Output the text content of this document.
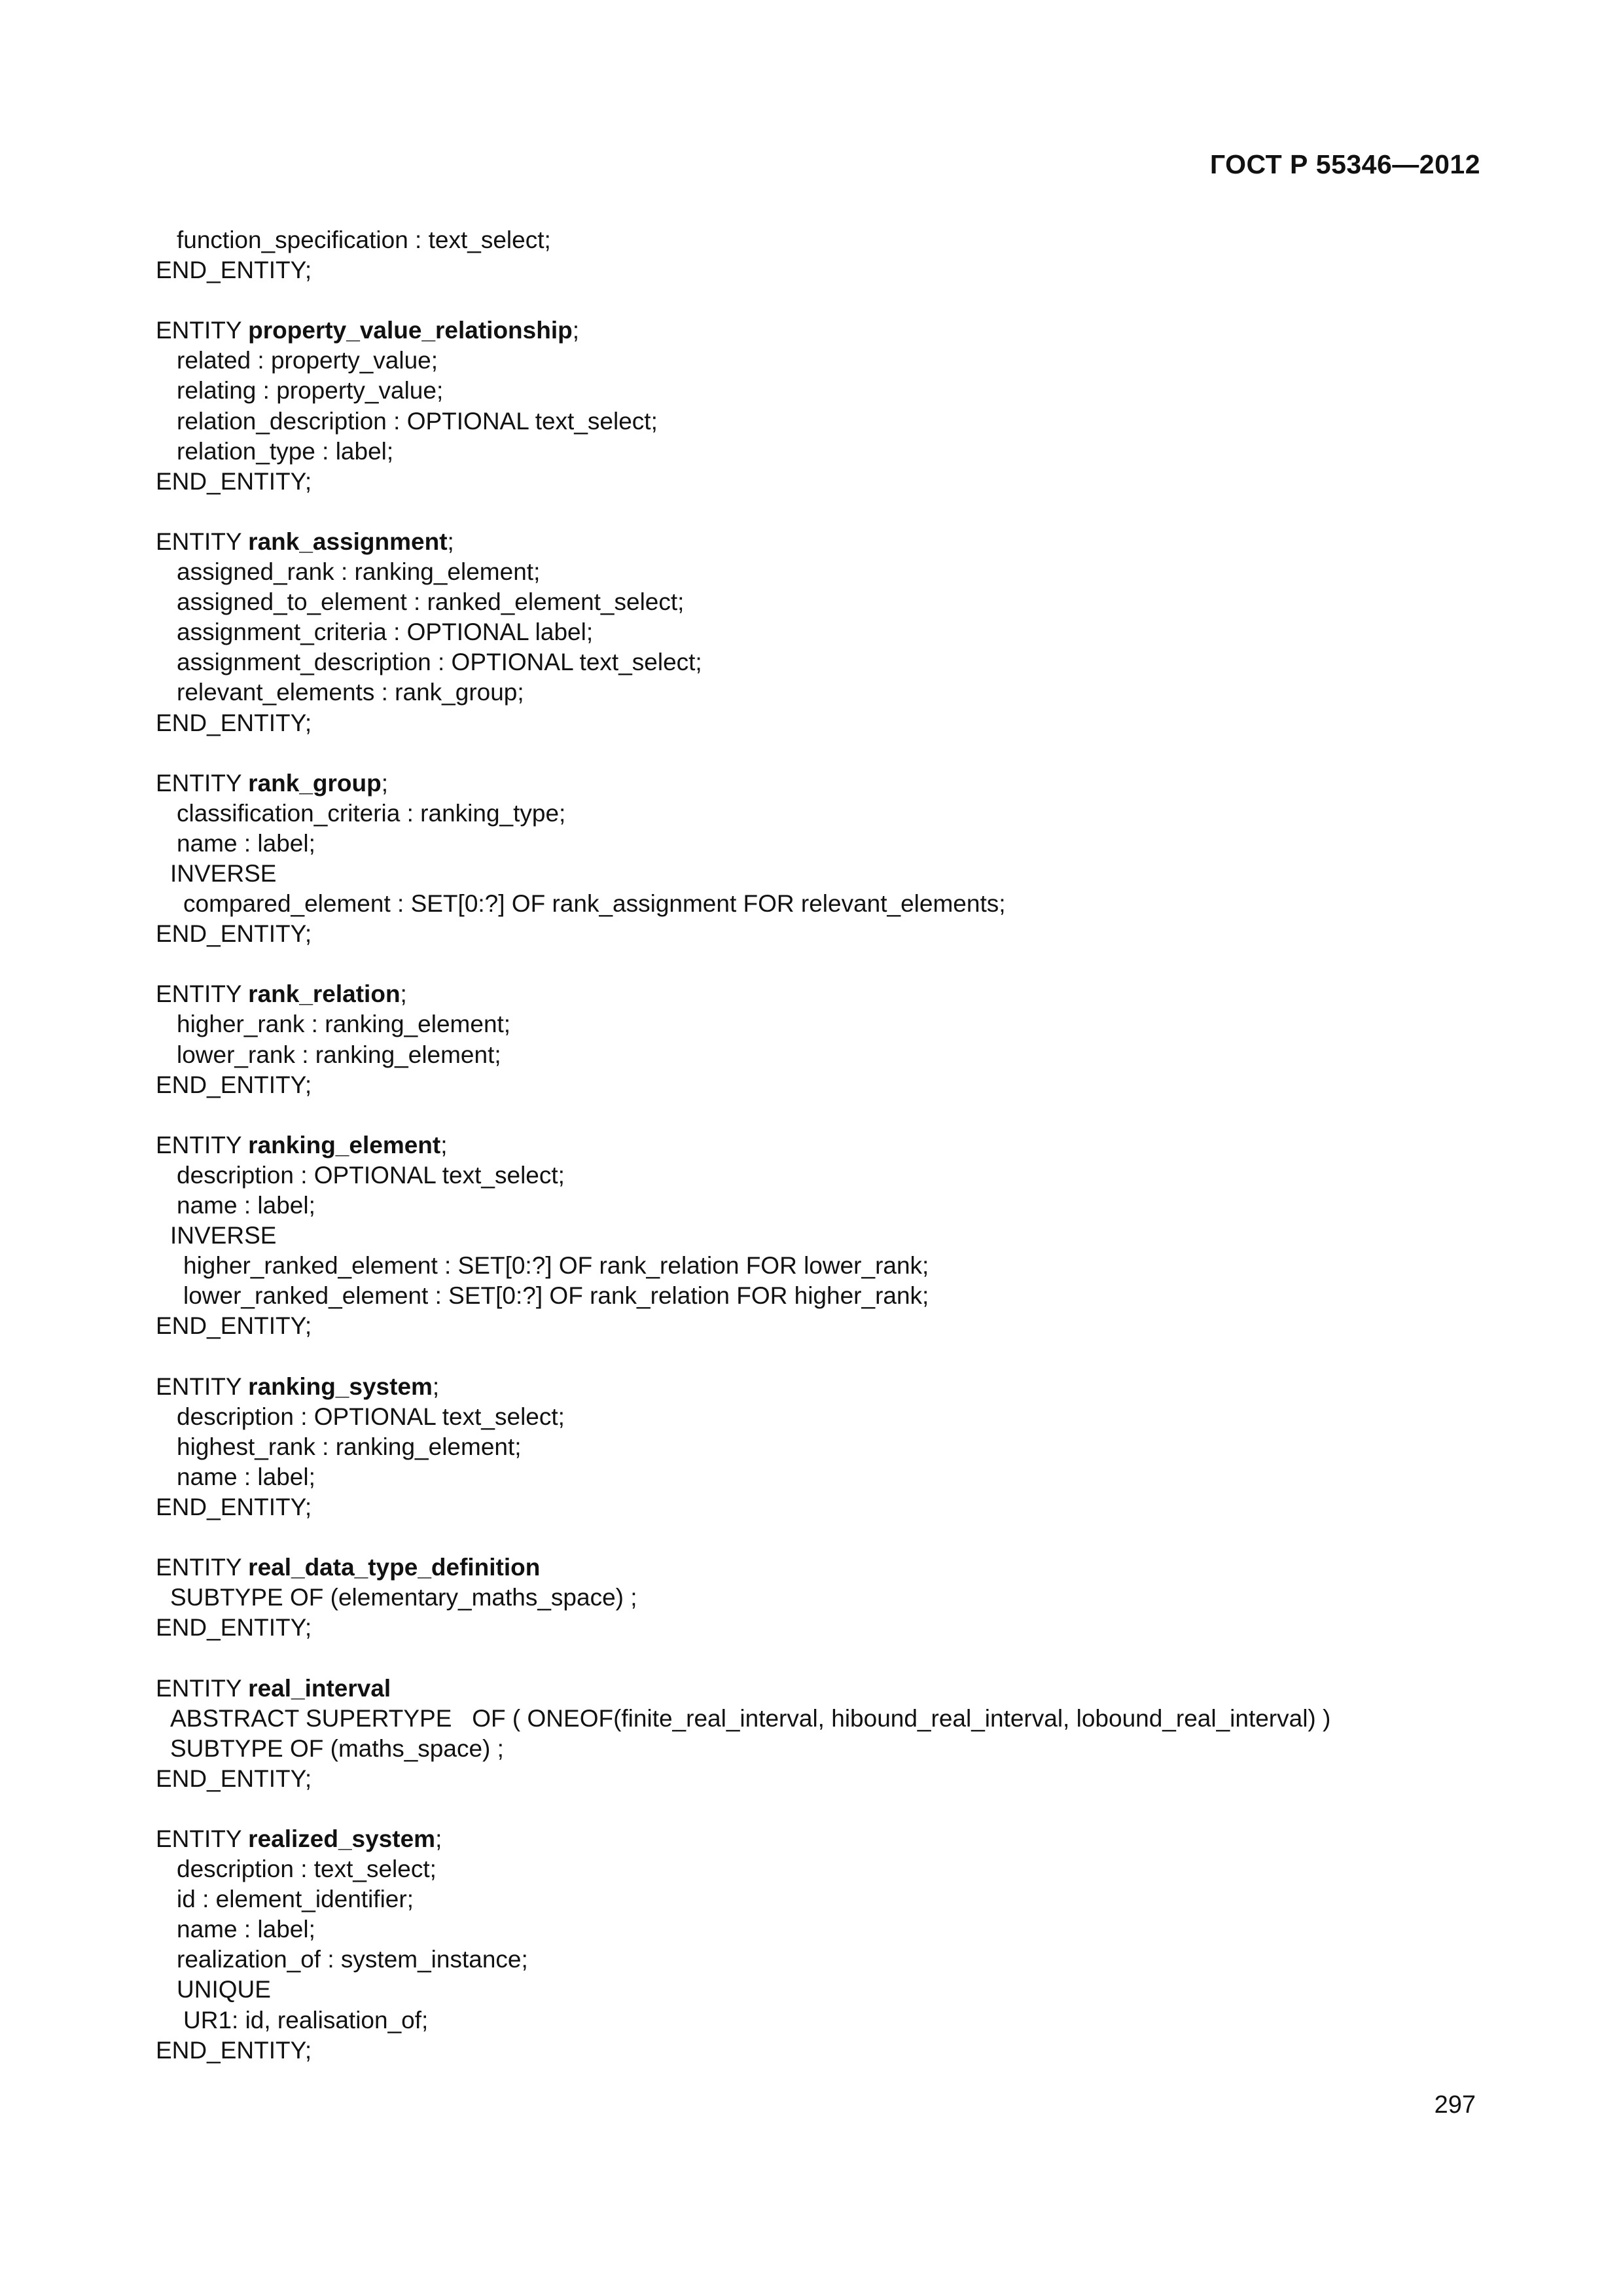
ГОСТ Р 55346—2012
function_specification : text_select;
END_ENTITY;
ENTITY property_value_relationship;
related : property_value;
relating : property_value;
relation_description : OPTIONAL text_select;
relation_type : label;
END_ENTITY;
ENTITY rank_assignment;
assigned_rank : ranking_element;
assigned_to_element : ranked_element_select;
assignment_criteria : OPTIONAL label;
assignment_description : OPTIONAL text_select;
relevant_elements : rank_group;
END_ENTITY;
ENTITY rank_group;
classification_criteria : ranking_type;
name : label;
INVERSE
compared_element : SET[0:?] OF rank_assignment FOR relevant_elements;
END_ENTITY;
ENTITY rank_relation;
higher_rank : ranking_element;
lower_rank : ranking_element;
END_ENTITY;
ENTITY ranking_element;
description : OPTIONAL text_select;
name : label;
INVERSE
higher_ranked_element : SET[0:?] OF rank_relation FOR lower_rank;
lower_ranked_element : SET[0:?] OF rank_relation FOR higher_rank;
END_ENTITY;
ENTITY ranking_system;
description : OPTIONAL text_select;
highest_rank : ranking_element;
name : label;
END_ENTITY;
ENTITY real_data_type_definition
SUBTYPE OF (elementary_maths_space) ;
END_ENTITY;
ENTITY real_interval
ABSTRACT SUPERTYPE   OF ( ONEOF(finite_real_interval, hibound_real_interval, lobound_real_interval) )
SUBTYPE OF (maths_space) ;
END_ENTITY;
ENTITY realized_system;
description : text_select;
id : element_identifier;
name : label;
realization_of : system_instance;
UNIQUE
UR1: id, realisation_of;
END_ENTITY;
297
